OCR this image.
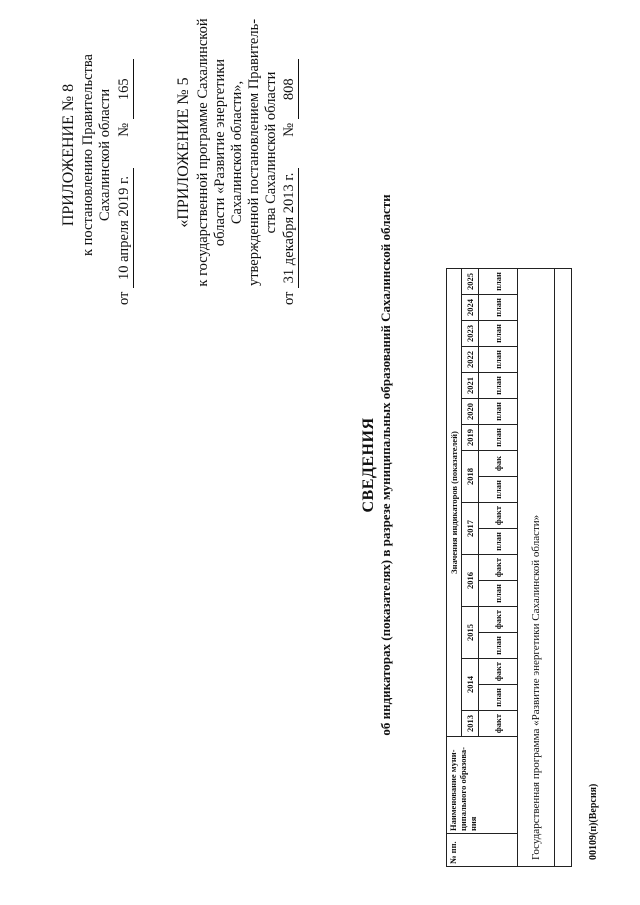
ПРИЛОЖЕНИЕ № 8 к постановлению Правительства Сахалинской области
от 10 апреля 2019 г.  № 165	«ПРИЛОЖЕНИЕ № 5 к государственной программе Сахалинской области «Развитие энергетики Сахалинской области», утвержденной постановлением Правитель- ства Сахалинской области
от 31 декабря 2013 г.  № 808
СВЕДЕНИЯ об индикаторах (показателях) в разрезе муниципальных образований Сахалинской области
№ пп.	Наименование муни-ципального образова-ния	Значения индикаторов (показателей)																	
		2013	2014		2015		2016		2017		2018		2019	2020	2021	2022	2023	2024	2025
		факт	план	факт	план	факт	план	факт	план	факт	план	фак	план	план	план	план	план	план	план
Государственная программа «Развитие энергетики Сахалинской области»																				00109(п)(Версия)
